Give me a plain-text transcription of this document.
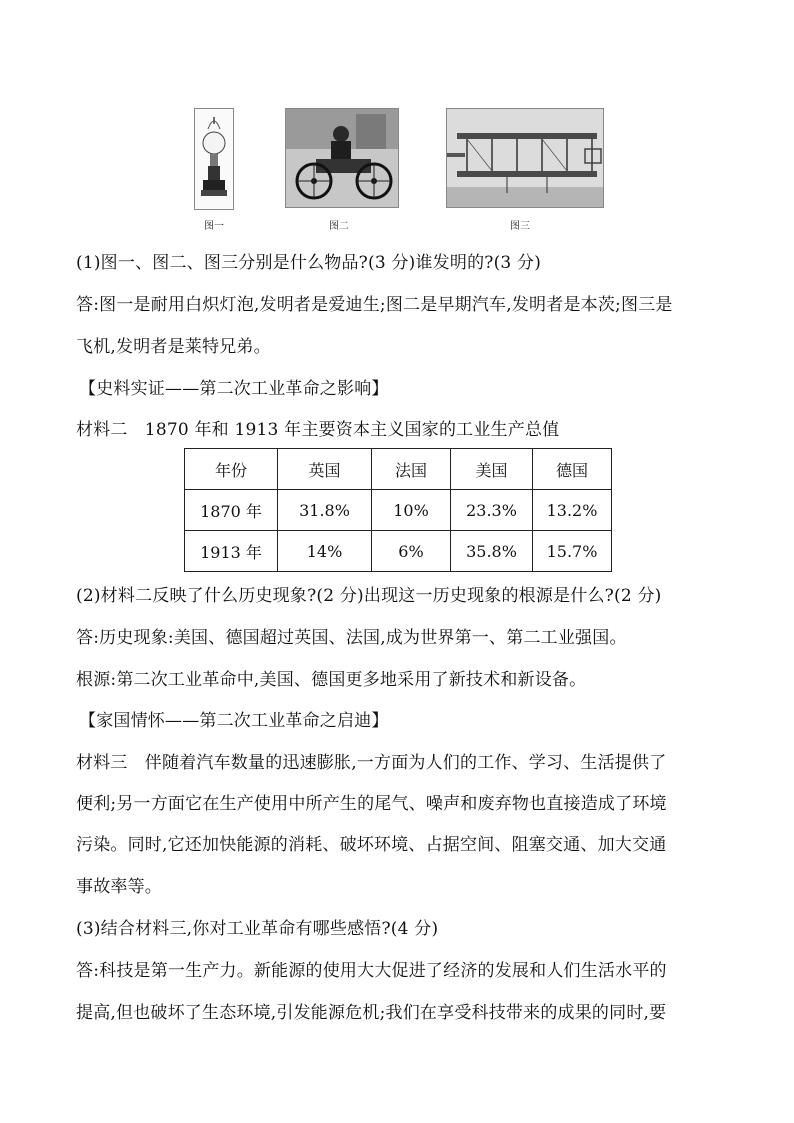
图一	图二	图三
(1)图一、图二、图三分别是什么物品?(3 分)谁发明的?(3 分)
答:图一是耐用白炽灯泡,发明者是爱迪生;图二是早期汽车,发明者是本茨;图三是
飞机,发明者是莱特兄弟。
【史料实证——第二次工业革命之影响】
材料二　1870 年和 1913 年主要资本主义国家的工业生产总值
年份	英国	法国	美国	德国
1870 年	31.8%	10%	23.3%	13.2%
1913 年	14%	6%	35.8%	15.7%
(2)材料二反映了什么历史现象?(2 分)出现这一历史现象的根源是什么?(2 分)
答:历史现象:美国、德国超过英国、法国,成为世界第一、第二工业强国。
根源:第二次工业革命中,美国、德国更多地采用了新技术和新设备。
【家国情怀——第二次工业革命之启迪】
材料三　伴随着汽车数量的迅速膨胀,一方面为人们的工作、学习、生活提供了
便利;另一方面它在生产使用中所产生的尾气、噪声和废弃物也直接造成了环境
污染。同时,它还加快能源的消耗、破坏环境、占据空间、阻塞交通、加大交通
事故率等。
(3)结合材料三,你对工业革命有哪些感悟?(4 分)
答:科技是第一生产力。新能源的使用大大促进了经济的发展和人们生活水平的
提高,但也破坏了生态环境,引发能源危机;我们在享受科技带来的成果的同时,要
